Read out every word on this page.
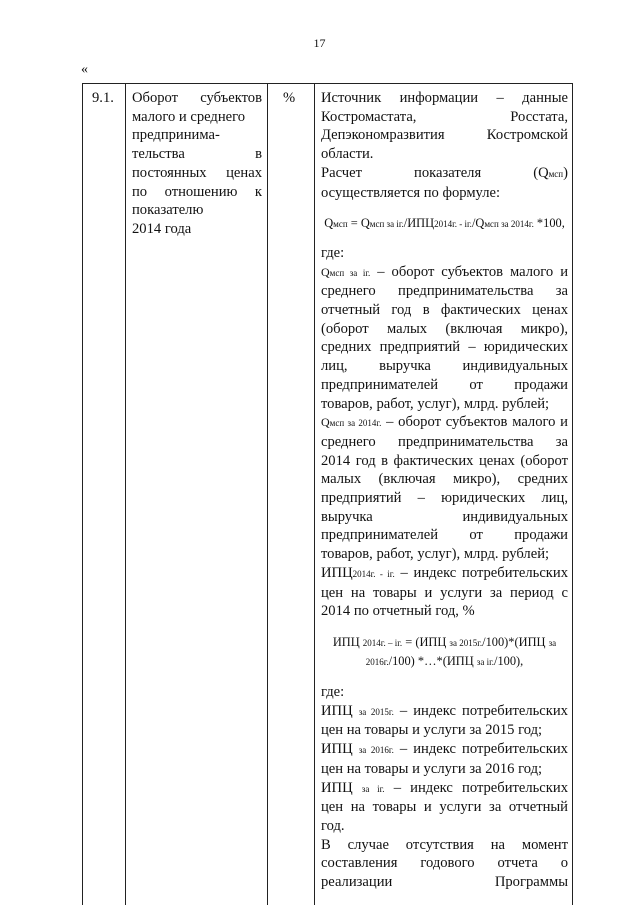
17
«
9.1. Оборот субъектов
малого и среднего
предпринима-
тельства в
постоянных ценах
по отношению к
показателю
2014 года
% Источник информации – данные
Костромастата, Росстата,
Депэкономразвития Костромской
области.
Расчет показателя (Qмсп)
осуществляется по формуле:
Qмсп = Qмсп за iг./ИПЦ2014г. - iг./Qмсп за 2014г. *100,
где:
Qмсп за iг. – оборот субъектов малого и
среднего предпринимательства за
отчетный год в фактических ценах
(оборот малых (включая микро),
средних предприятий – юридических
лиц, выручка индивидуальных
предпринимателей от продажи
товаров, работ, услуг), млрд. рублей;
Qмсп за 2014г. – оборот субъектов малого и
среднего предпринимательства за
2014 год в фактических ценах (оборот
малых (включая микро), средних
предприятий – юридических лиц,
выручка индивидуальных
предпринимателей от продажи
товаров, работ, услуг), млрд. рублей;
ИПЦ2014г. - iг. – индекс потребительских
цен на товары и услуги за период с
2014 по отчетный год, %
ИПЦ 2014г. – iг. = (ИПЦ за 2015г./100)*(ИПЦ за
2016г./100) *…*(ИПЦ за iг./100),
где:
ИПЦ за 2015г. – индекс потребительских
цен на товары и услуги за 2015 год;
ИПЦ за 2016г. – индекс потребительских
цен на товары и услуги за 2016 год;
ИПЦ за iг. – индекс потребительских
цен на товары и услуги за отчетный
год.
В случае отсутствия на момент
составления годового отчета о
реализации Программы
